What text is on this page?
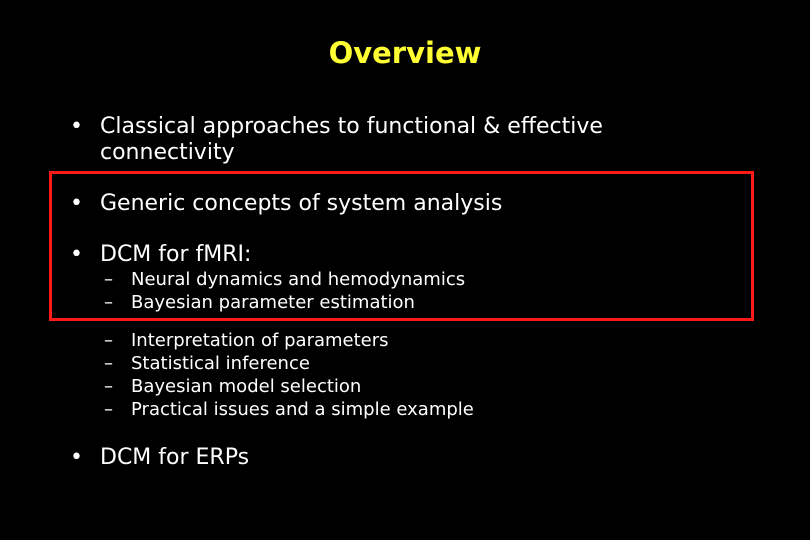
Overview
• Classical approaches to functional & effective
connectivity
• Generic concepts of system analysis
• DCM for fMRI:
– Neural dynamics and hemodynamics
– Bayesian parameter estimation
– Interpretation of parameters
– Statistical inference
– Bayesian model selection
– Practical issues and a simple example
• DCM for ERPs
